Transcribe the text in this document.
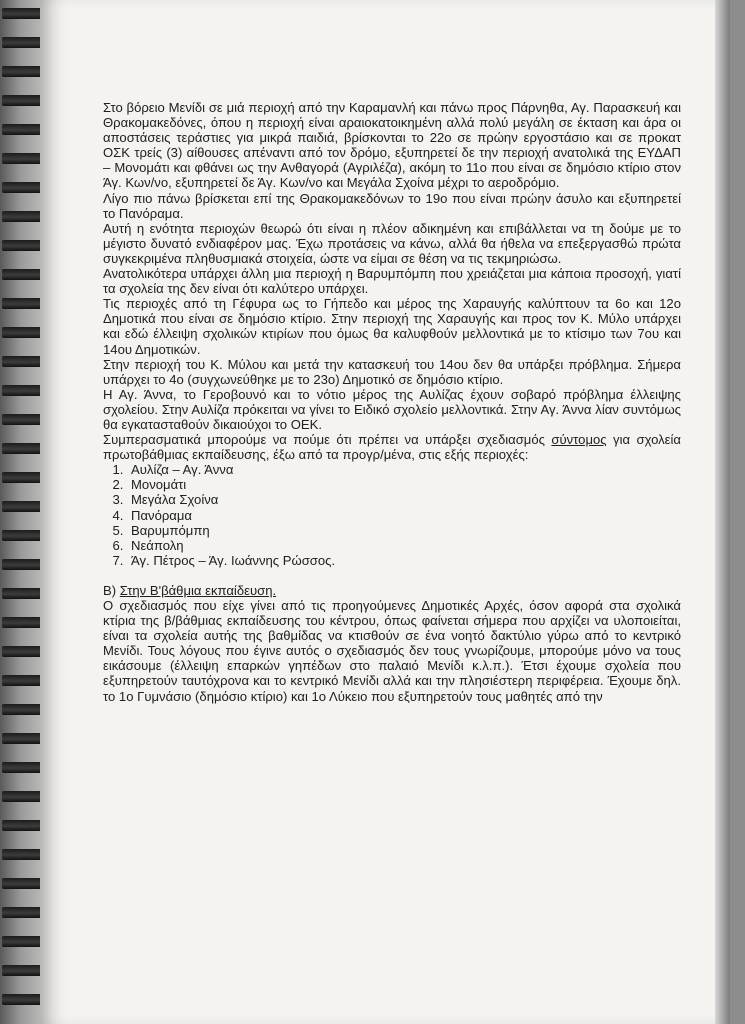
Στο βόρειο Μενίδι σε μιά περιοχή από την Καραμανλή και πάνω προς Πάρνηθα, Αγ. Παρασκευή και Θρακομακεδόνες, όπου η περιοχή είναι αραιοκατοικημένη αλλά πολύ μεγάλη σε έκταση και άρα οι αποστάσεις τεράστιες για μικρά παιδιά, βρίσκονται το 22ο σε πρώην εργοστάσιο και σε προκατ ΟΣΚ τρείς (3) αίθουσες απέναντι από τον δρόμο, εξυπηρετεί δε την περιοχή ανατολικά της ΕΥΔΑΠ – Μονομάτι και φθάνει ως την Ανθαγορά (Αγριλέζα), ακόμη το 11ο που είναι σε δημόσιο κτίριο στον Άγ. Κων/νο, εξυπηρετεί δε Άγ. Κων/νο και Μεγάλα Σχοίνα μέχρι το αεροδρόμιο.

Λίγο πιο πάνω βρίσκεται επί της Θρακομακεδόνων το 19ο που είναι πρώην άσυλο και εξυπηρετεί το Πανόραμα.

Αυτή η ενότητα περιοχών θεωρώ ότι είναι η πλέον αδικημένη και επιβάλλεται να τη δούμε με το μέγιστο δυνατό ενδιαφέρον μας. Έχω προτάσεις να κάνω, αλλά θα ήθελα να επεξεργασθώ πρώτα συγκεκριμένα πληθυσμιακά στοιχεία, ώστε να είμαι σε θέση να τις τεκμηριώσω.

Ανατολικότερα υπάρχει άλλη μια περιοχή η Βαρυμπόμπη που χρειάζεται μια κάποια προσοχή, γιατί τα σχολεία της δεν είναι ότι καλύτερο υπάρχει.

Τις περιοχές από τη Γέφυρα ως το Γήπεδο και μέρος της Χαραυγής καλύπτουν τα 6ο και 12ο Δημοτικά που είναι σε δημόσιο κτίριο. Στην περιοχή της Χαραυγής και προς τον Κ. Μύλο υπάρχει και εδώ έλλειψη σχολικών κτιρίων που όμως θα καλυφθούν μελλοντικά με το κτίσιμο των 7ου και 14ου Δημοτικών.

Στην περιοχή του Κ. Μύλου και μετά την κατασκευή του 14ου δεν θα υπάρξει πρόβλημα. Σήμερα υπάρχει το 4ο (συγχωνεύθηκε με το 23ο) Δημοτικό σε δημόσιο κτίριο.

Η Αγ. Άννα, το Γεροβουνό και το νότιο μέρος της Αυλίζας έχουν σοβαρό πρόβλημα έλλειψης σχολείου. Στην Αυλίζα πρόκειται να γίνει το Ειδικό σχολείο μελλοντικά. Στην Αγ. Άννα λίαν συντόμως θα εγκατασταθούν δικαιούχοι το ΟΕΚ.

Συμπερασματικά μπορούμε να πούμε ότι πρέπει να υπάρξει σχεδιασμός σύντομος για σχολεία πρωτοβάθμιας εκπαίδευσης, έξω από τα προγρ/μένα, στις εξής περιοχές:

1. Αυλίζα – Αγ. Άννα
2. Μονομάτι
3. Μεγάλα Σχοίνα
4. Πανόραμα
5. Βαρυμπόμπη
6. Νεάπολη
7. Άγ. Πέτρος – Άγ. Ιωάννης Ρώσσος.

Β) Στην Β'βάθμια εκπαίδευση.

Ο σχεδιασμός που είχε γίνει από τις προηγούμενες Δημοτικές Αρχές, όσον αφορά στα σχολικά κτίρια της β/βάθμιας εκπαίδευσης του κέντρου, όπως φαίνεται σήμερα που αρχίζει να υλοποιείται, είναι τα σχολεία αυτής της βαθμίδας να κτισθούν σε ένα νοητό δακτύλιο γύρω από το κεντρικό Μενίδι. Τους λόγους που έγινε αυτός ο σχεδιασμός δεν τους γνωρίζουμε, μπορούμε μόνο να τους εικάσουμε (έλλειψη επαρκών γηπέδων στο παλαιό Μενίδι κ.λ.π.). Έτσι έχουμε σχολεία που εξυπηρετούν ταυτόχρονα και το κεντρικό Μενίδι αλλά και την πλησιέστερη περιφέρεια. Έχουμε δηλ. το 1ο Γυμνάσιο (δημόσιο κτίριο) και 1ο Λύκειο που εξυπηρετούν τους μαθητές από την
